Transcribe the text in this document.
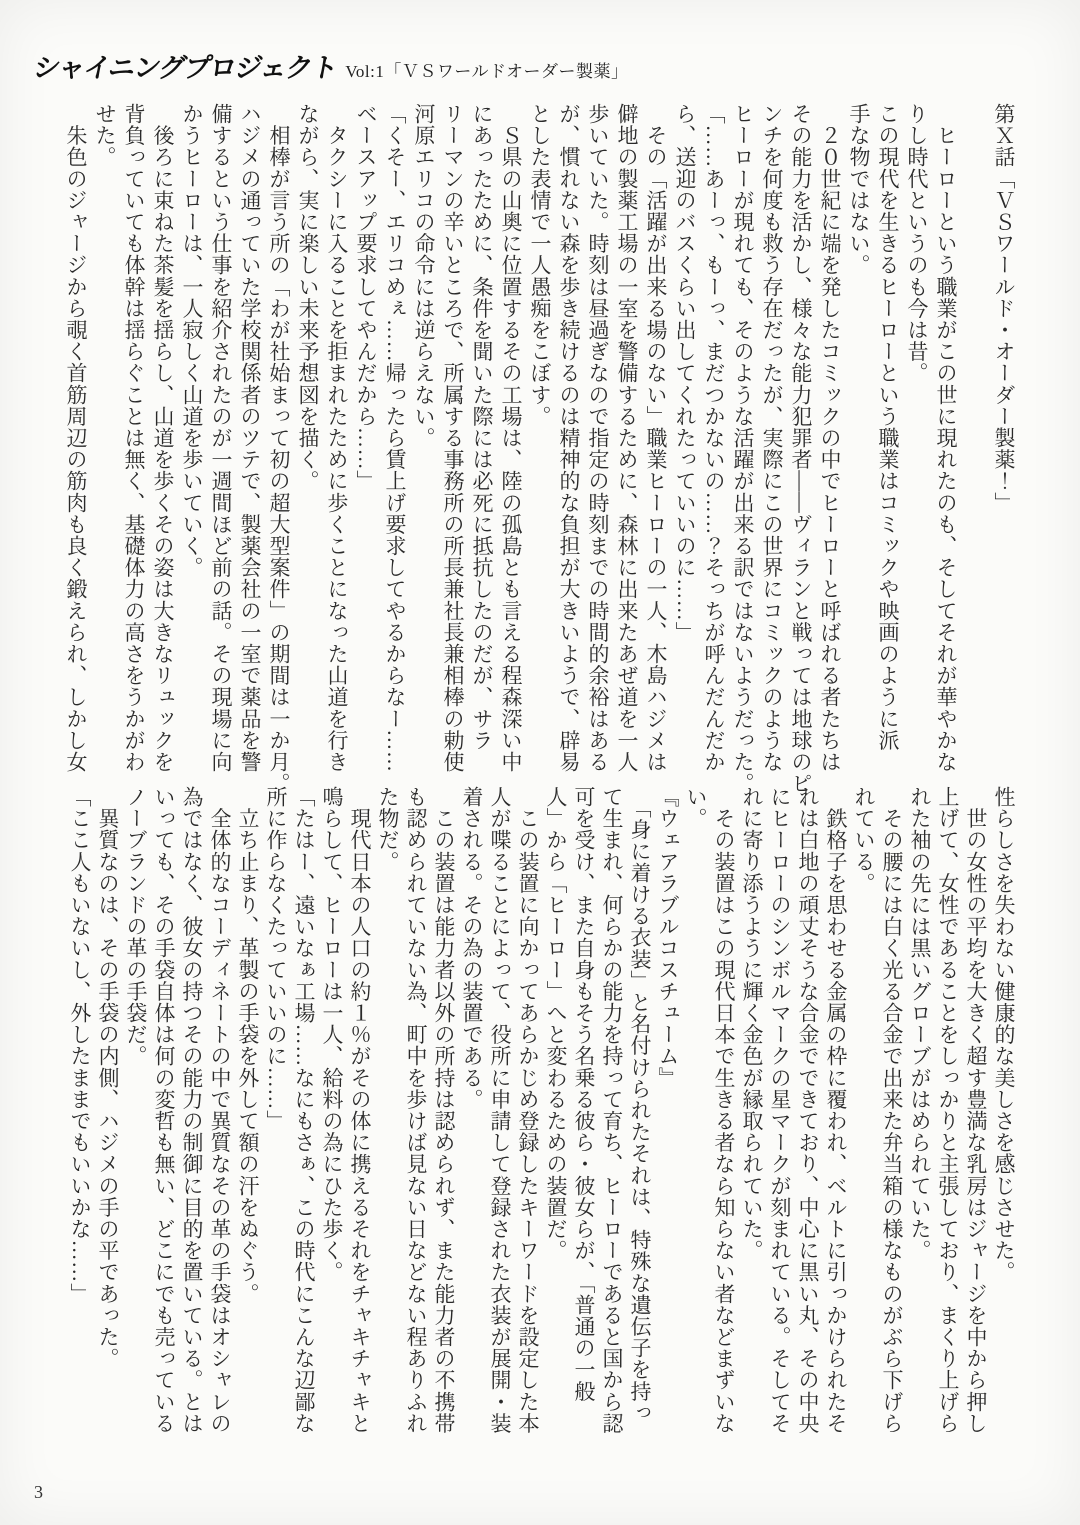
シャイニングプロジェクト Vol:1「ＶＳワールドオーダー製薬」
第Ｘ話「ＶＳワールド・オーダー製薬！」

　ヒーローという職業がこの世に現れたのも、そしてそれが華やかな
りし時代というのも今は昔。
この現代を生きるヒーローという職業はコミックや映画のように派
手な物ではない。
　２０世紀に端を発したコミックの中でヒーローと呼ばれる者たちは
その能力を活かし、様々な能力犯罪者――ヴィランと戦っては地球のピ
ンチを何度も救う存在だったが、実際にこの世界にコミックのような
ヒーローが現れても、そのような活躍が出来る訳ではないようだった。
「……あーっ、もーっ、まだつかないの……？そっちが呼んだんだか
ら、送迎のバスくらい出してくれたっていいのに……」
　その「活躍が出来る場のない」職業ヒーローの一人、木島ハジメは
僻地の製薬工場の一室を警備するために、森林に出来たあぜ道を一人
歩いていた。時刻は昼過ぎなので指定の時刻までの時間的余裕はある
が、慣れない森を歩き続けるのは精神的な負担が大きいようで、辟易
とした表情で一人愚痴をこぼす。
　Ｓ県の山奥に位置するその工場は、陸の孤島とも言える程森深い中
にあったために、条件を聞いた際には必死に抵抗したのだが、サラ
リーマンの辛いところで、所属する事務所の所長兼社長兼相棒の勅使
河原エリコの命令には逆らえない。
「くそー、エリコめぇ……帰ったら賃上げ要求してやるからなー……
ベースアップ要求してやんだから……」
　タクシーに入ることを拒まれたために歩くことになった山道を行き
ながら、実に楽しい未来予想図を描く。
　相棒が言う所の「わが社始まって初の超大型案件」の期間は一か月。
ハジメの通っていた学校関係者のツテで、製薬会社の一室で薬品を警
備するという仕事を紹介されたのが一週間ほど前の話。その現場に向
かうヒーローは、一人寂しく山道を歩いていく。
　後ろに束ねた茶髪を揺らし、山道を歩くその姿は大きなリュックを
背負っていても体幹は揺らぐことは無く、基礎体力の高さをうかがわ
せた。
　朱色のジャージから覗く首筋周辺の筋肉も良く鍛えられ、しかし女
性らしさを失わない健康的な美しさを感じさせた。
　世の女性の平均を大きく超す豊満な乳房はジャージを中から押し
上げて、女性であることをしっかりと主張しており、まくり上げら
れた袖の先には黒いグローブがはめられていた。
　その腰には白く光る合金で出来た弁当箱の様なものがぶら下げら
れている。
　鉄格子を思わせる金属の枠に覆われ、ベルトに引っかけられたそ
れは白地の頑丈そうな合金でできており、中心に黒い丸、その中央
にヒーローのシンボルマークの星マークが刻まれている。そしてそ
れに寄り添うように輝く金色が縁取られていた。
　その装置はこの現代日本で生きる者なら知らない者などまずいな
い。
『ウェアラブルコスチューム』
　「身に着ける衣装」と名付けられたそれは、特殊な遺伝子を持っ
て生まれ、何らかの能力を持って育ち、ヒーローであると国から認
可を受け、また自身もそう名乗る彼ら・彼女らが、「普通の一般
人」から「ヒーロー」へと変わるための装置だ。
　この装置に向かってあらかじめ登録したキーワードを設定した本
人が喋ることによって、役所に申請して登録された衣装が展開・装
着される。その為の装置である。
　この装置は能力者以外の所持は認められず、また能力者の不携帯
も認められていない為、町中を歩けば見ない日などない程ありふれ
た物だ。
　現代日本の人口の約１％がその体に携えるそれをチャキチャキと
鳴らして、ヒーローは一人、給料の為にひた歩く。
「たはー、遠いなぁ工場……なにもさぁ、この時代にこんな辺鄙な
所に作らなくたっていいのに……」
　立ち止まり、革製の手袋を外して額の汗をぬぐう。
　全体的なコーディネートの中で異質なその革の手袋はオシャレの
為ではなく、彼女の持つその能力の制御に目的を置いている。とは
いっても、その手袋自体は何の変哲も無い、どこにでも売っている
ノーブランドの革の手袋だ。
　異質なのは、その手袋の内側、ハジメの手の平であった。
「ここ人もいないし、外したままでもいいかな……」
3
